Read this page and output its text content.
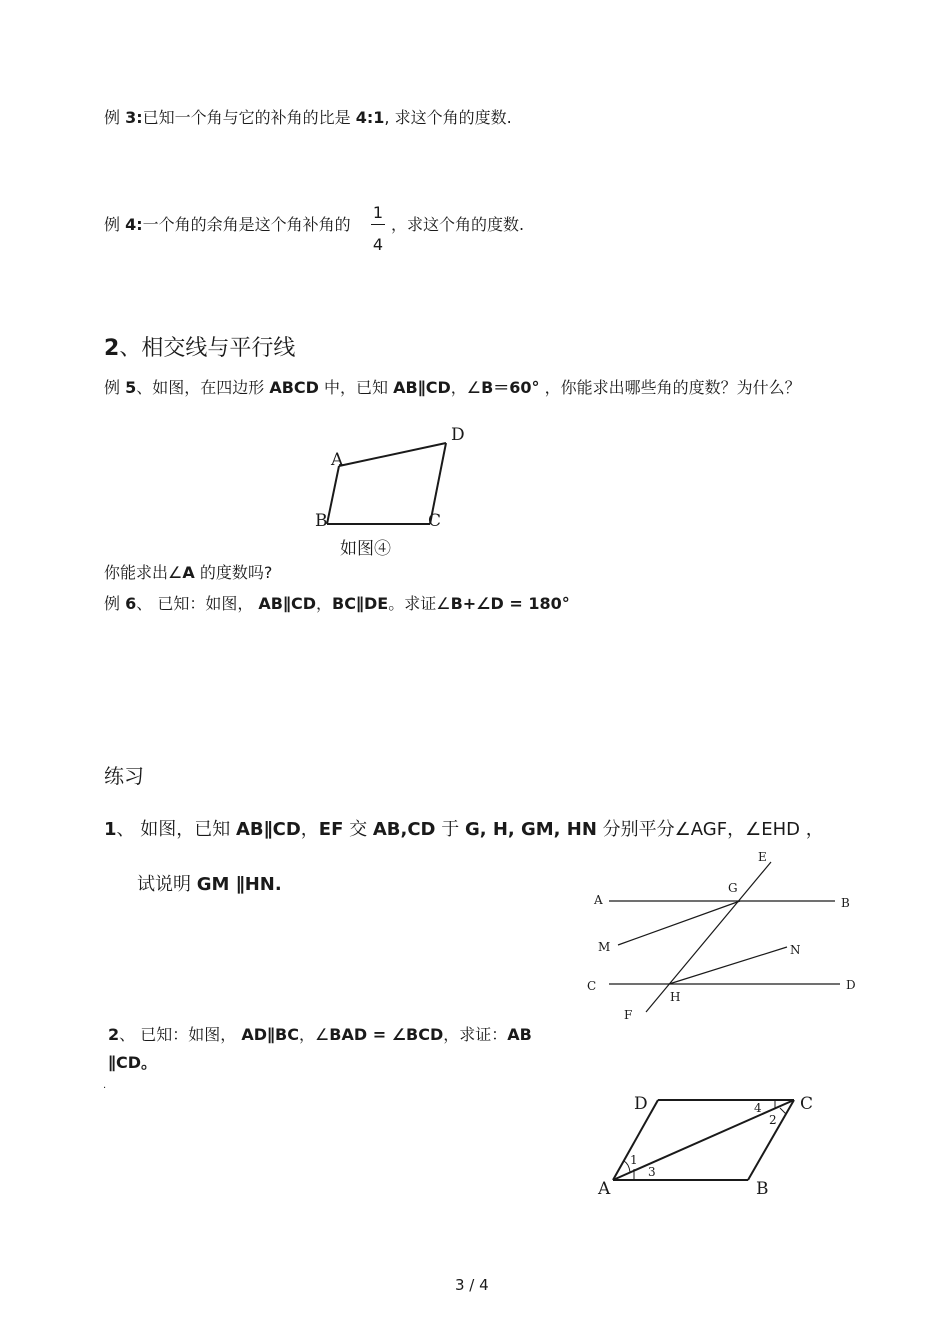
例 3:已知一个角与它的补角的比是 4:1, 求这个角的度数.
例 4:一个角的余角是这个角补角的
1
4
，求这个角的度数.
2、相交线与平行线
例 5、如图，在四边形 ABCD 中，已知 AB∥CD，∠B＝60° ，你能求出哪些角的度数？为什么？
A
D
B	C
如图④
你能求出∠A 的度数吗?
例 6、 已知：如图， AB∥CD，BC∥DE。求证∠B+∠D = 180°
练习
1、 如图，已知 AB∥CD，EF 交 AB,CD 于 G, H, GM, HN 分别平分∠AGF，∠EHD ，
试说明 GM ∥HN.
E
A
G
B
M	N
C
H
D
F
2、 已知：如图， AD∥BC，∠BAD = ∠BCD，求证：AB
∥CD。
.
D	C
A	B
1
2
3
4
3 / 4
